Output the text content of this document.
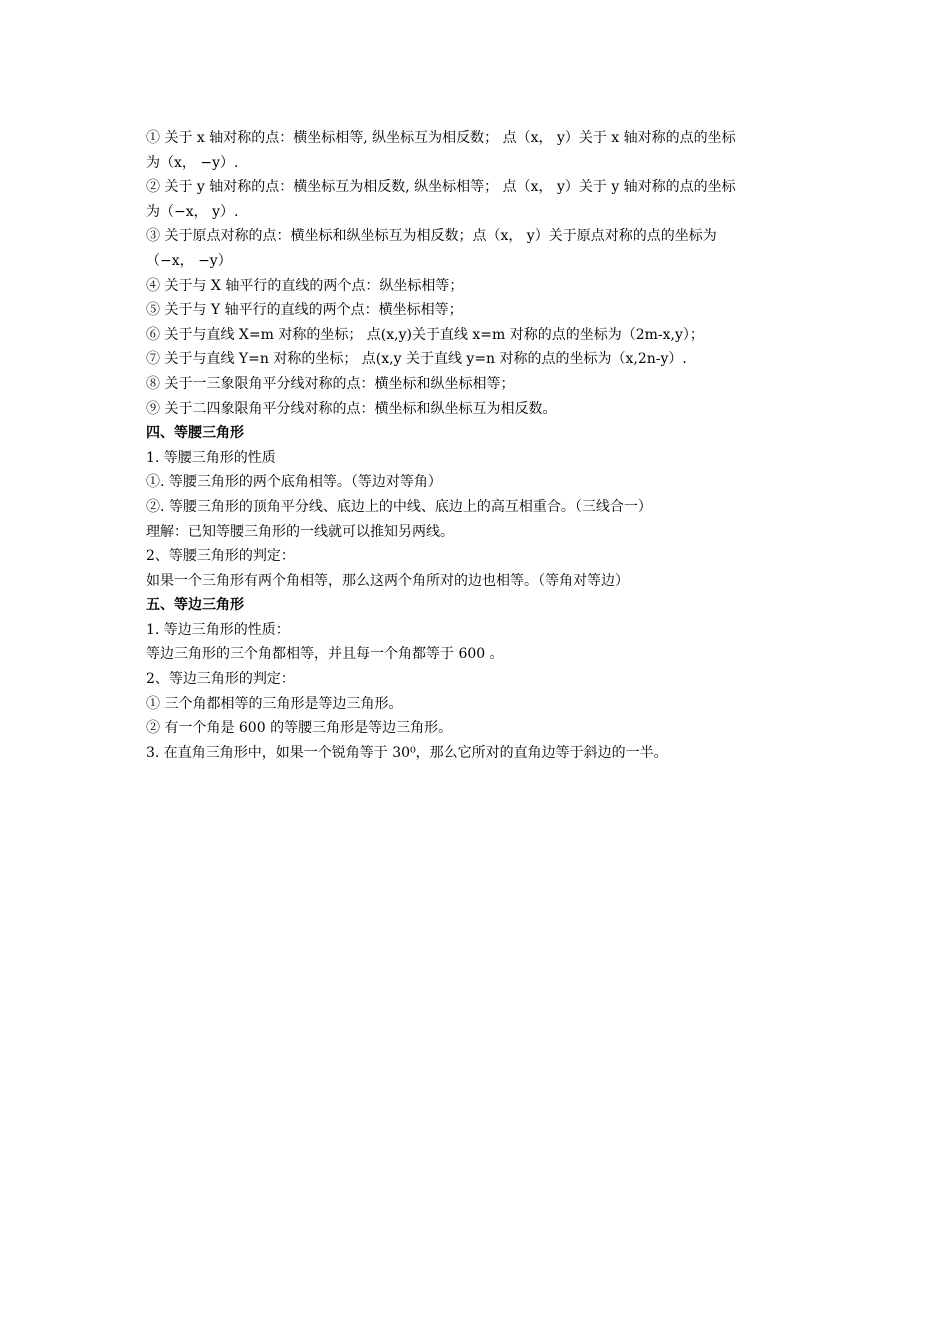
① 关于 x 轴对称的点：横坐标相等, 纵坐标互为相反数； 点（x， y）关于 x 轴对称的点的坐标
为（x， −y）.
② 关于 y 轴对称的点：横坐标互为相反数, 纵坐标相等； 点（x， y）关于 y 轴对称的点的坐标
为（−x， y）.
③ 关于原点对称的点：横坐标和纵坐标互为相反数；点（x， y）关于原点对称的点的坐标为
（−x， −y）
④ 关于与 X 轴平行的直线的两个点：纵坐标相等；
⑤ 关于与 Y 轴平行的直线的两个点：横坐标相等；
⑥ 关于与直线 X=m 对称的坐标； 点(x,y)关于直线 x=m 对称的点的坐标为（2m-x,y）；
⑦ 关于与直线 Y=n 对称的坐标； 点(x,y 关于直线 y=n 对称的点的坐标为（x,2n-y）.
⑧ 关于一三象限角平分线对称的点：横坐标和纵坐标相等；
⑨ 关于二四象限角平分线对称的点：横坐标和纵坐标互为相反数。
四、等腰三角形
1. 等腰三角形的性质
①. 等腰三角形的两个底角相等。（等边对等角）
②. 等腰三角形的顶角平分线、底边上的中线、底边上的高互相重合。（三线合一）
理解：已知等腰三角形的一线就可以推知另两线。
2、等腰三角形的判定：
如果一个三角形有两个角相等，那么这两个角所对的边也相等。（等角对等边）
五、等边三角形
1. 等边三角形的性质：
等边三角形的三个角都相等，并且每一个角都等于 600 。
2、等边三角形的判定：
① 三个角都相等的三角形是等边三角形。
② 有一个角是 600 的等腰三角形是等边三角形。
3. 在直角三角形中，如果一个锐角等于 30⁰，那么它所对的直角边等于斜边的一半。
